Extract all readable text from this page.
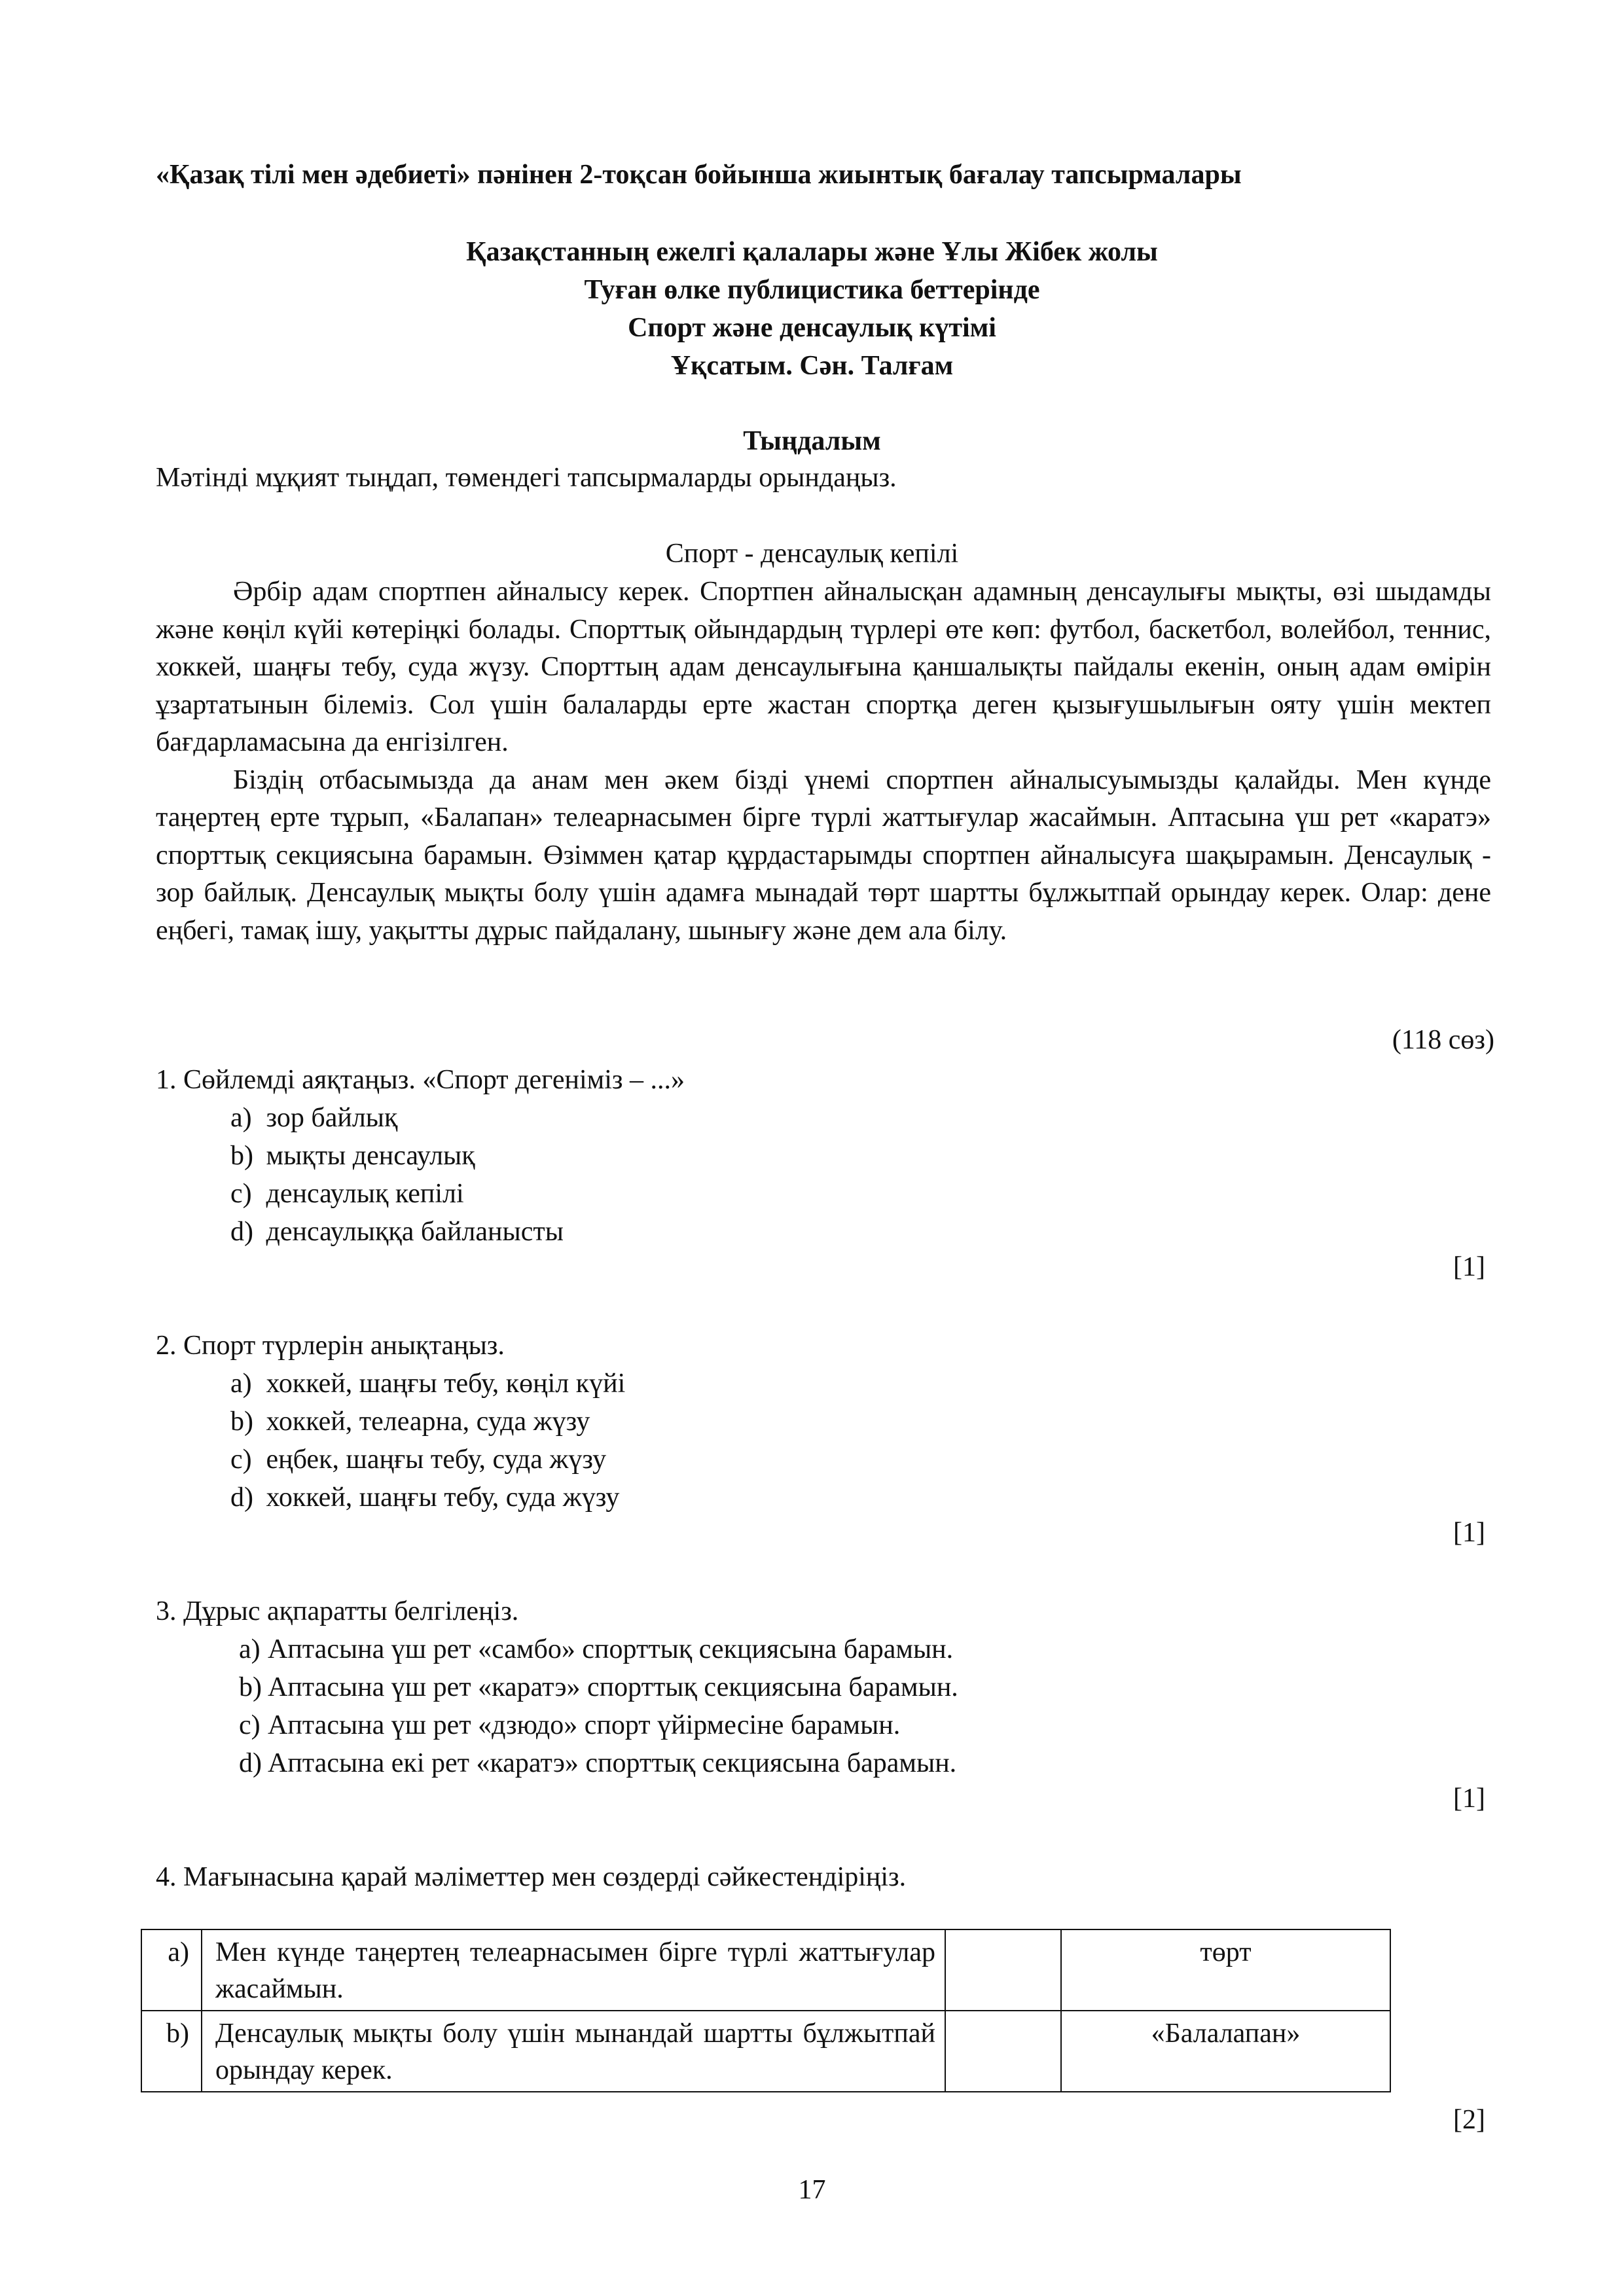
«Қазақ тілі мен әдебиеті» пәнінен 2-тоқсан бойынша жиынтық бағалау тапсырмалары
Қазақстанның ежелгі қалалары және Ұлы Жібек жолы
Туған өлке публицистика беттерінде
Спорт және денсаулық күтімі
Ұқсатым. Сән. Талғам
Тыңдалым
Мәтінді мұқият тыңдап, төмендегі тапсырмаларды орындаңыз.
Спорт - денсаулық кепілі

Әрбір адам спортпен айналысу керек. Спортпен айналысқан адамның денсаулығы мықты, өзі шыдамды және көңіл күйі көтеріңкі болады. Спорттық ойындардың түрлері өте көп: футбол, баскетбол, волейбол, теннис, хоккей, шаңғы тебу, суда жүзу. Спорттың адам денсаулығына қаншалықты пайдалы екенін, оның адам өмірін ұзартатынын білеміз. Сол үшін балаларды ерте жастан спортқа деген қызығушылығын ояту үшін мектеп бағдарламасына да енгізілген.

Біздің отбасымызда да анам мен әкем бізді үнемі спортпен айналысуымызды қалайды. Мен күнде таңертең ерте тұрып, «Балапан» телеарнасымен бірге түрлі жаттығулар жасаймын. Аптасына үш рет «каратэ» спорттық секциясына барамын. Өзіммен қатар құрдастарымды спортпен айналысуға шақырамын. Денсаулық - зор байлық. Денсаулық мықты болу үшін адамға мынадай төрт шартты бұлжытпай орындау керек. Олар: дене еңбегі, тамақ ішу, уақытты дұрыс пайдалану, шынығу және дем ала білу.

(118 сөз)
1. Сөйлемді аяқтаңыз. «Спорт дегеніміз – ...»
a) зор байлық
b) мықты денсаулық
c) денсаулық кепілі
d) денсаулыққа байланысты
[1]
2. Спорт түрлерін анықтаңыз.
a) хоккей, шаңғы тебу, көңіл күйі
b) хоккей, телеарна, суда жүзу
c) еңбек, шаңғы тебу, суда жүзу
d) хоккей, шаңғы тебу, суда жүзу
[1]
3. Дұрыс ақпаратты белгілеңіз.
a) Аптасына үш рет «самбо» спорттық секциясына барамын.
b) Аптасына үш рет «каратэ» спорттық секциясына барамын.
c) Аптасына үш рет «дзюдо» спорт үйірмесіне барамын.
d) Аптасына екі рет «каратэ» спорттық секциясына барамын.
[1]
4. Мағынасына қарай мәліметтер мен сөздерді сәйкестендіріңіз.
a)	Мен күнде таңертең телеарнасымен бірге түрлі жаттығулар жасаймын.		төрт
b)	Денсаулық мықты болу үшін мынандай шартты бұлжытпай орындау керек.		«Балалапан»
[2]
17
